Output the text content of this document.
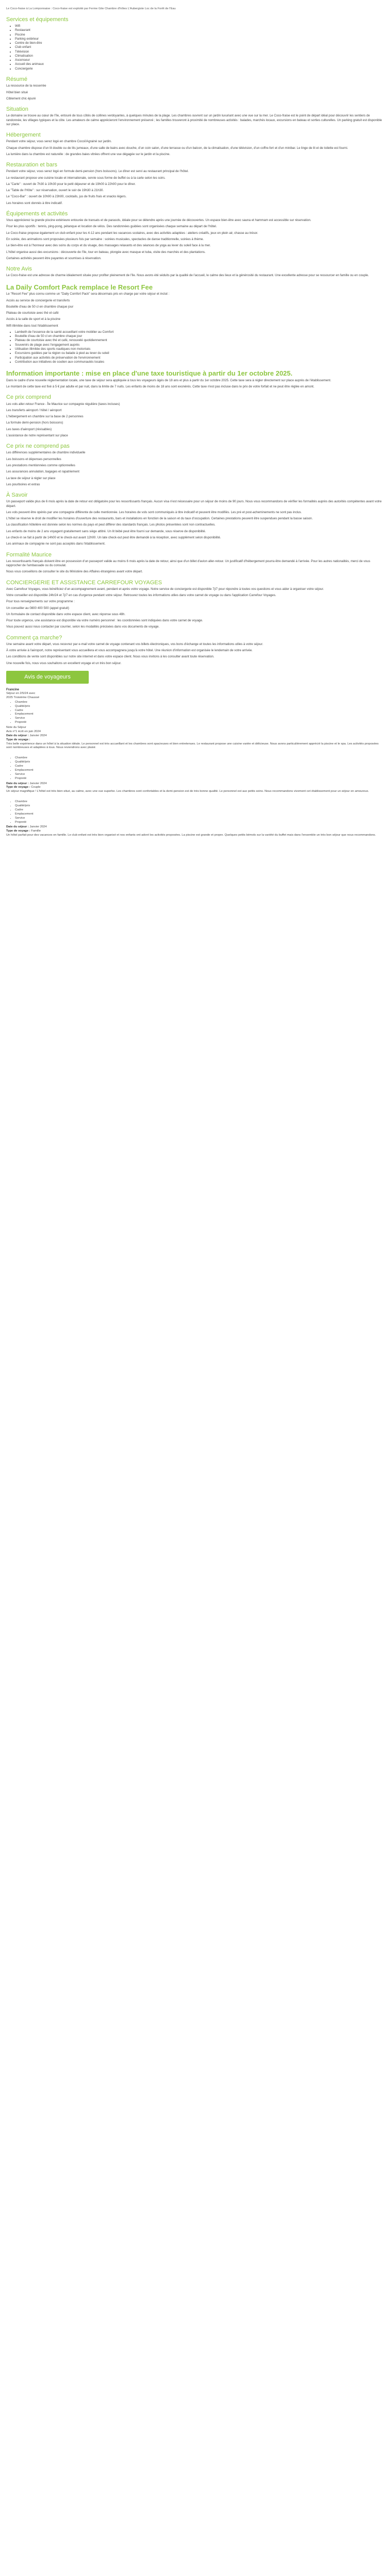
Le Coco-fraise à La Lomponnaise : Coco-fraise est exploité par Ferme Gite Chambre d'hôtes L'Aubergiste Loc de la Forêt de l'Eau
Services et équipements
• Wifi
• Restaurant
• Piscine
• Parking extérieur
• Centre de bien-être
• Club enfant
• Télévision
• Climatisation
• Ascenseur
• Accueil des animaux
• Conciergerie
Résumé

La ressource de la resserrée

Hôtel bien situé

Ciblement chic épuré

Situation

Le domaine se trouve au cœur de l'île, entouré de tous côtés de collines verdoyantes, à quelques minutes de la plage. Les chambres ouvrent sur un jardin luxuriant avec une vue sur la mer. Le Coco-fraise est le point de départ idéal pour découvrir les sentiers de randonnée, les villages typiques et la côte. Les amateurs de calme apprécieront l'environnement préservé ; les familles trouveront à proximité de nombreuses activités : balades, marchés locaux, excursions en bateau et sorties culturelles. Un parking gratuit est disponible sur place.

Hébergement

Pendant votre séjour, vous serez logé en chambre Cocoï/Agrainé sur jardin.

Chaque chambre dispose d'un lit double ou de lits jumeaux, d'une salle de bains avec douche, d'un coin salon, d'une terrasse ou d'un balcon, de la climatisation, d'une télévision, d'un coffre-fort et d'un minibar. Le linge de lit et de toilette est fourni.

La lumière dans la chambre est naturelle : de grandes baies vitrées offrent une vue dégagée sur le jardin et la piscine.

Restauration et bars

Pendant votre séjour, vous serez logé en formule demi-pension (hors boissons). Le dîner est servi au restaurant principal de l'hôtel.

Le restaurant propose une cuisine locale et internationale, servie sous forme de buffet ou à la carte selon les soirs.

La "Carte" : ouvert de 7h30 à 10h30 pour le petit déjeuner et de 19h00 à 22h00 pour le dîner.

La "Table de l'Hôte" : sur réservation, ouvert le soir de 19h30 à 21h30.

Le "Coco-Bar" : ouvert de 10h00 à 23h00, cocktails, jus de fruits frais et snacks légers.

Les horaires sont donnés à titre indicatif.

Équipements et activités

Vous apprécierez la grande piscine extérieure entourée de transats et de parasols, idéale pour se détendre après une journée de découvertes. Un espace bien-être avec sauna et hammam est accessible sur réservation.

Pour les plus sportifs : tennis, ping-pong, pétanque et location de vélos. Des randonnées guidées sont organisées chaque semaine au départ de l'hôtel.

Le Coco-fraise propose également un club enfant pour les 4-12 ans pendant les vacances scolaires, avec des activités adaptées : ateliers créatifs, jeux en plein air, chasse au trésor.

En soirée, des animations sont proposées plusieurs fois par semaine : soirées musicales, spectacles de danse traditionnelle, soirées à thème.

Le bien-être est à l'honneur avec des soins du corps et du visage, des massages relaxants et des séances de yoga au lever du soleil face à la mer.

L'hôtel organise aussi des excursions : découverte de l'île, tour en bateau, plongée avec masque et tuba, visite des marchés et des plantations.

Certaines activités peuvent être payantes et soumises à réservation.

Notre Avis

Le Coco-fraise est une adresse de charme idéalement située pour profiter pleinement de l'île. Nous avons été séduits par la qualité de l'accueil, le calme des lieux et la générosité du restaurant. Une excellente adresse pour se ressourcer en famille ou en couple.

La Daily Comfort Pack remplace le Resort Fee

Le "Resort Fee" plus connu comme un "Daily Comfort Pack" sera désormais pris en charge par votre séjour et inclut :

Accès au service de conciergerie et transferts

Bouteille d'eau de 50 cl en chambre chaque jour

Plateau de courtoisie avec thé et café

Accès à la salle de sport et à la piscine

Wifi illimitée dans tout l'établissement

• Lambeth de l'essence de la santé accueillant votre mobilier au Comfort
• Bouteille d'eau de 50 cl en chambre chaque jour
• Plateau de courtoisie avec thé et café, renouvelé quotidiennement
• Souvenirs de plage avec l'engagement auprès
• Utilisation illimitée des sports nautiques non motorisés
• Excursions guidées par la région ou balade à pied au lever du soleil
• Participation aux activités de préservation de l'environnement
• Contribution aux initiatives de soutien aux communautés locales
Information importante : mise en place d'une taxe touristique à partir du 1er octobre 2025.

Dans le cadre d'une nouvelle réglementation locale, une taxe de séjour sera appliquée à tous les voyageurs âgés de 18 ans et plus à partir du 1er octobre 2025. Cette taxe sera à régler directement sur place auprès de l'établissement.

Le montant de cette taxe est fixé à 5 € par adulte et par nuit, dans la limite de 7 nuits. Les enfants de moins de 18 ans sont exonérés. Cette taxe n'est pas incluse dans le prix de votre forfait et ne peut être réglée en amont.

Ce prix comprend

Les vols aller-retour France - Île Maurice sur compagnie régulière (taxes incluses)

Les transferts aéroport / hôtel / aéroport

L'hébergement en chambre sur la base de 2 personnes

La formule demi-pension (hors boissons)

Les taxes d'aéroport (révisables)

L'assistance de notre représentant sur place

Ce prix ne comprend pas

Les différences supplémentaires de chambre individuelle

Les boissons et dépenses personnelles

Les prestations mentionnées comme optionnelles

Les assurances annulation, bagages et rapatriement

La taxe de séjour à régler sur place

Les pourboires et extras

À Savoir

Un passeport valide plus de 6 mois après la date de retour est obligatoire pour les ressortissants français. Aucun visa n'est nécessaire pour un séjour de moins de 90 jours. Nous vous recommandons de vérifier les formalités auprès des autorités compétentes avant votre départ.

Les vols peuvent être opérés par une compagnie différente de celle mentionnée. Les horaires de vols sont communiqués à titre indicatif et peuvent être modifiés. Les pré et post-acheminements ne sont pas inclus.

L'hôtel se réserve le droit de modifier les horaires d'ouverture des restaurants, bars et installations en fonction de la saison et du taux d'occupation. Certaines prestations peuvent être suspendues pendant la basse saison.

La classification hôtelière est donnée selon les normes du pays et peut différer des standards français. Les photos présentées sont non contractuelles.

Les enfants de moins de 2 ans voyagent gratuitement sans siège attitré. Un lit bébé peut être fourni sur demande, sous réserve de disponibilité.

Le check-in se fait à partir de 14h00 et le check-out avant 12h00. Un late check-out peut être demandé à la réception, avec supplément selon disponibilité.

Les animaux de compagnie ne sont pas acceptés dans l'établissement.

Formalité Maurice

Les ressortissants français doivent être en possession d'un passeport valide au moins 6 mois après la date de retour, ainsi que d'un billet d'avion aller-retour. Un justificatif d'hébergement pourra être demandé à l'arrivée. Pour les autres nationalités, merci de vous rapprocher de l'ambassade ou du consulat.

Nous vous conseillons de consulter le site du Ministère des Affaires étrangères avant votre départ.

CONCIERGERIE ET ASSISTANCE CARREFOUR VOYAGES

Avec Carrefour Voyages, vous bénéficiez d'un accompagnement avant, pendant et après votre voyage. Notre service de conciergerie est disponible 7j/7 pour répondre à toutes vos questions et vous aider à organiser votre séjour.

Votre conseiller est disponible 24h/24 et 7j/7 en cas d'urgence pendant votre séjour. Retrouvez toutes les informations utiles dans votre carnet de voyage ou dans l'application Carrefour Voyages.

Pour tous renseignements sur votre programme :

Un conseiller au 0800 400 500 (appel gratuit)

Un formulaire de contact disponible dans votre espace client, avec réponse sous 48h.

Pour toute urgence, une assistance est disponible via votre numéro personnel : les coordonnées sont indiquées dans votre carnet de voyage.

Vous pouvez aussi nous contacter par courrier, selon les modalités précisées dans vos documents de voyage.

Comment ça marche?

Une semaine avant votre départ, vous recevrez par e-mail votre carnet de voyage contenant vos billets électroniques, vos bons d'échange et toutes les informations utiles à votre séjour.

À votre arrivée à l'aéroport, notre représentant vous accueillera et vous accompagnera jusqu'à votre hôtel. Une réunion d'information est organisée le lendemain de votre arrivée.

Les conditions de vente sont disponibles sur notre site internet et dans votre espace client. Nous vous invitons à les consulter avant toute réservation.

Une nouvelle fois, nous vous souhaitons un excellent voyage et un très bon séjour.

Avis de voyageurs
Francine
Séjour en 2/5/24 avec
2025 Troisième Chaussé
• Chambre
• Qualité/prix
• Cadre
• Emplacement
• Service
• Propreté
Note du Séjour
Avis n°1 écrit en juin 2024
Date du séjour : Janvier 2024
Type de voyage :

Très belle expérience dans un hôtel à la situation idéale. Le personnel est très accueillant et les chambres sont spacieuses et bien entretenues. Le restaurant propose une cuisine variée et délicieuse. Nous avons particulièrement apprécié la piscine et le spa. Les activités proposées sont nombreuses et adaptées à tous. Nous reviendrons avec plaisir.

• Chambre
• Qualité/prix
• Cadre
• Emplacement
• Service
• Propreté
Date du séjour : Janvier 2024
Type de voyage : Couple

Un séjour magnifique ! L'hôtel est très bien situé, au calme, avec une vue superbe. Les chambres sont confortables et la demi-pension est de très bonne qualité. Le personnel est aux petits soins. Nous recommandons vivement cet établissement pour un séjour en amoureux.

• Chambre
• Qualité/prix
• Cadre
• Emplacement
• Service
• Propreté
Date du séjour : Janvier 2024
Type de voyage : Famille

Un hôtel parfait pour des vacances en famille. Le club enfant est très bien organisé et nos enfants ont adoré les activités proposées. La piscine est grande et propre. Quelques petits bémols sur la variété du buffet mais dans l'ensemble un très bon séjour que nous recommandons.
